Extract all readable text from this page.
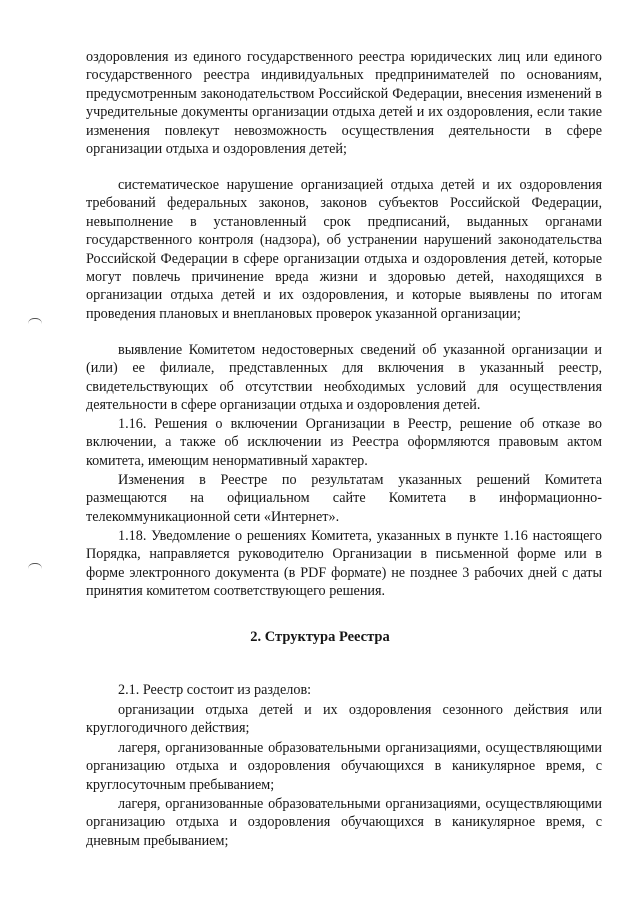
оздоровления из единого государственного реестра юридических лиц или единого государственного реестра индивидуальных предпринимателей по основаниям, предусмотренным законодательством Российской Федерации, внесения изменений в учредительные документы организации отдыха детей и их оздоровления, если такие изменения повлекут невозможность осуществления деятельности в сфере организации отдыха и оздоровления детей;

систематическое нарушение организацией отдыха детей и их оздоровления требований федеральных законов, законов субъектов Российской Федерации, невыполнение в установленный срок предписаний, выданных органами государственного контроля (надзора), об устранении нарушений законодательства Российской Федерации в сфере организации отдыха и оздоровления детей, которые могут повлечь причинение вреда жизни и здоровью детей, находящихся в организации отдыха детей и их оздоровления, и которые выявлены по итогам проведения плановых и внеплановых проверок указанной организации;

выявление Комитетом недостоверных сведений об указанной организации и (или) ее филиале, представленных для включения в указанный реестр, свидетельствующих об отсутствии необходимых условий для осуществления деятельности в сфере организации отдыха и оздоровления детей.

1.16. Решения о включении Организации в Реестр, решение об отказе во включении, а также об исключении из Реестра оформляются правовым актом комитета, имеющим ненормативный характер.

Изменения в Реестре по результатам указанных решений Комитета размещаются на официальном сайте Комитета в информационно-телекоммуникационной сети «Интернет».

1.18. Уведомление о решениях Комитета, указанных в пункте 1.16 настоящего Порядка, направляется руководителю Организации в письменной форме или в форме электронного документа (в PDF формате) не позднее 3 рабочих дней с даты принятия комитетом соответствующего решения.

2. Структура Реестра

2.1. Реестр состоит из разделов:

организации отдыха детей и их оздоровления сезонного действия или круглогодичного действия;

лагеря, организованные образовательными организациями, осуществляющими организацию отдыха и оздоровления обучающихся в каникулярное время, с круглосуточным пребыванием;

лагеря, организованные образовательными организациями, осуществляющими организацию отдыха и оздоровления обучающихся в каникулярное время, с дневным пребыванием;
